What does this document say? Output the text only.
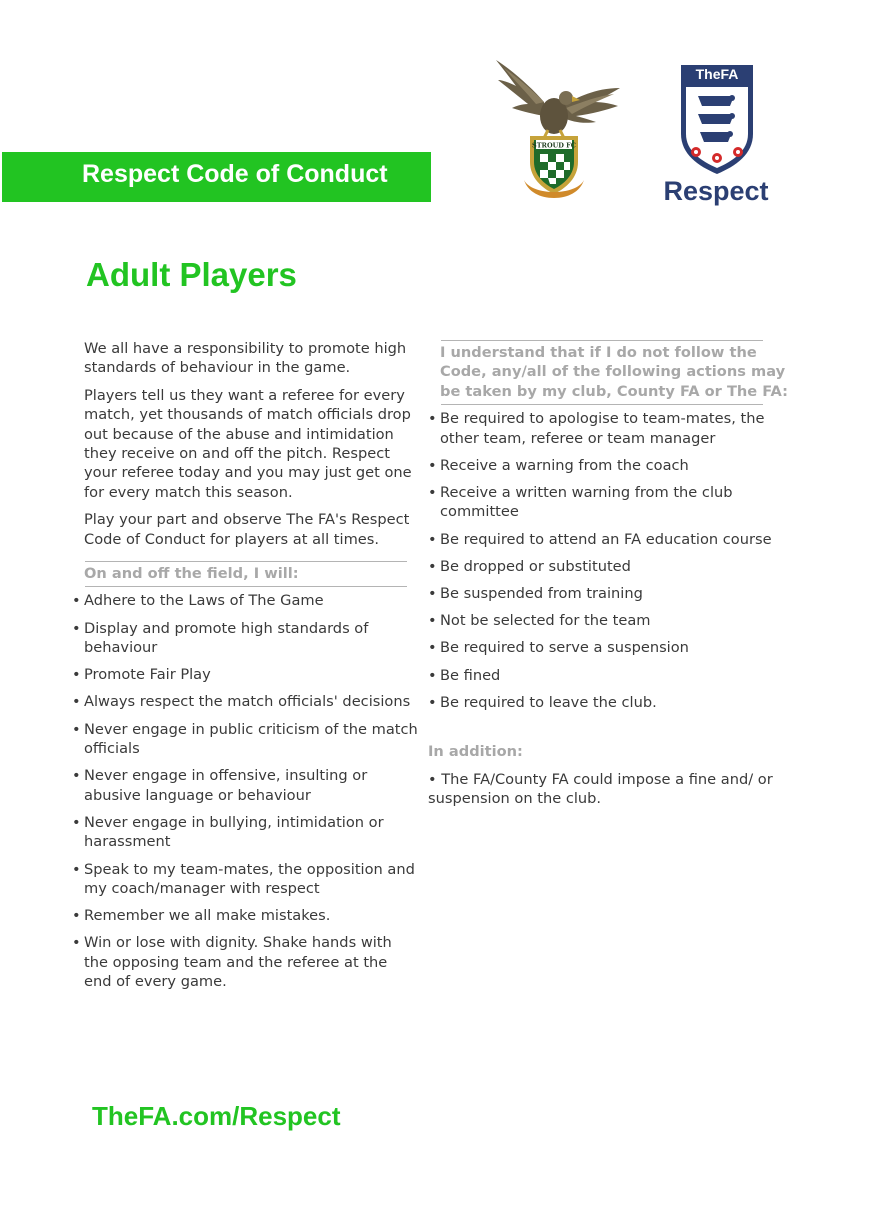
Respect Code of Conduct
STROUD FC
TheFA
Respect
Adult Players

We all have a responsibility to promote high standards of behaviour in the game.

Players tell us they want a referee for every match, yet thousands of match officials drop out because of the abuse and intimidation they receive on and off the pitch. Respect your referee today and you may just get one for every match this season.

Play your part and observe The FA's Respect Code of Conduct for players at all times.

On and off the field, I will:
• Adhere to the Laws of The Game
• Display and promote high standards of behaviour
• Promote Fair Play
• Always respect the match officials' decisions
• Never engage in public criticism of the match officials
• Never engage in offensive, insulting or abusive language or behaviour
• Never engage in bullying, intimidation or harassment
• Speak to my team-mates, the opposition and my coach/manager with respect
• Remember we all make mistakes.
• Win or lose with dignity. Shake hands with the opposing team and the referee at the end of every game.
I understand that if I do not follow the Code, any/all of the following actions may be taken by my club, County FA or The FA:
• Be required to apologise to team-mates, the other team, referee or team manager
• Receive a warning from the coach
• Receive a written warning from the club committee
• Be required to attend an FA education course
• Be dropped or substituted
• Be suspended from training
• Not be selected for the team
• Be required to serve a suspension
• Be fined
• Be required to leave the club.
In addition:

• The FA/County FA could impose a fine and/ or suspension on the club.

TheFA.com/Respect
